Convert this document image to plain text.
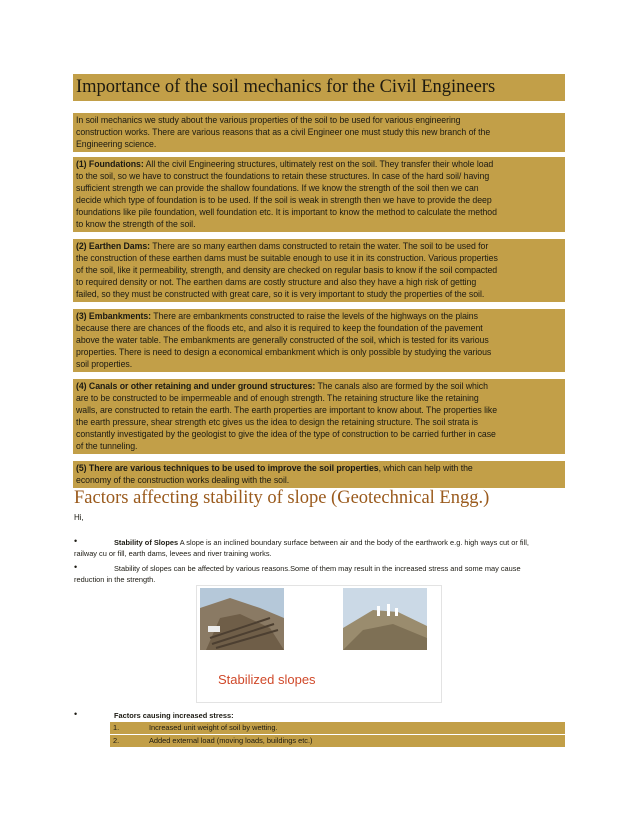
Importance of the soil mechanics for the Civil Engineers
In soil mechanics we study about the various properties of the soil to be used for various engineering
construction works. There are various reasons that as a civil Engineer one must study this new branch of the
Engineering science.
(1) Foundations: All the civil Engineering structures, ultimately rest on the soil. They transfer their whole load
to the soil, so we have to construct the foundations to retain these structures. In case of the hard soil/ having
sufficient strength we can provide the shallow foundations. If we know the strength of the soil then we can
decide which type of foundation is to be used. If the soil is weak in strength then we have to provide the deep
foundations like pile foundation, well foundation etc. It is important to know the method to calculate the method
to know the strength of the soil.
(2) Earthen Dams: There are so many earthen dams constructed to retain the water. The soil to be used for
the construction of these earthen dams must be suitable enough to use it in its construction. Various properties
of the soil, like it permeability, strength, and density are checked on regular basis to know if the soil compacted
to required density or not. The earthen dams are costly structure and also they have a high risk of getting
failed, so they must be constructed with great care, so it is very important to study the properties of the soil.
(3) Embankments: There are embankments constructed to raise the levels of the highways on the plains
because there are chances of the floods etc, and also it is required to keep the foundation of the pavement
above the water table. The embankments are generally constructed of the soil, which is tested for its various
properties. There is need to design a economical embankment which is only possible by studying the various
soil properties.
(4) Canals or other retaining and under ground structures: The canals also are formed by the soil which
are to be constructed to be impermeable and of enough strength. The retaining structure like the retaining
walls, are constructed to retain the earth. The earth properties are important to know about. The properties like
the earth pressure, shear strength etc gives us the idea to design the retaining structure. The soil strata is
constantly investigated by the geologist to give the idea of the type of construction to be carried further in case
of the tunneling.
(5) There are various techniques to be used to improve the soil properties, which can help with the
economy of the construction works dealing with the soil.
Factors affecting stability of slope (Geotechnical Engg.)
Hi,
•	Stability of Slopes A slope is an inclined boundary surface between air and the body of the earthwork e.g. high ways cut or fill,
railway cu or fill, earth dams, levees and river training works.
•	Stability of slopes can be affected by various reasons.Some of them may result in the increased stress and some may cause
reduction in the strength.
Stabilized slopes
•	Factors causing increased stress:
1.	Increased unit weight of soil by wetting.
2.	Added external load (moving loads, buildings etc.)
